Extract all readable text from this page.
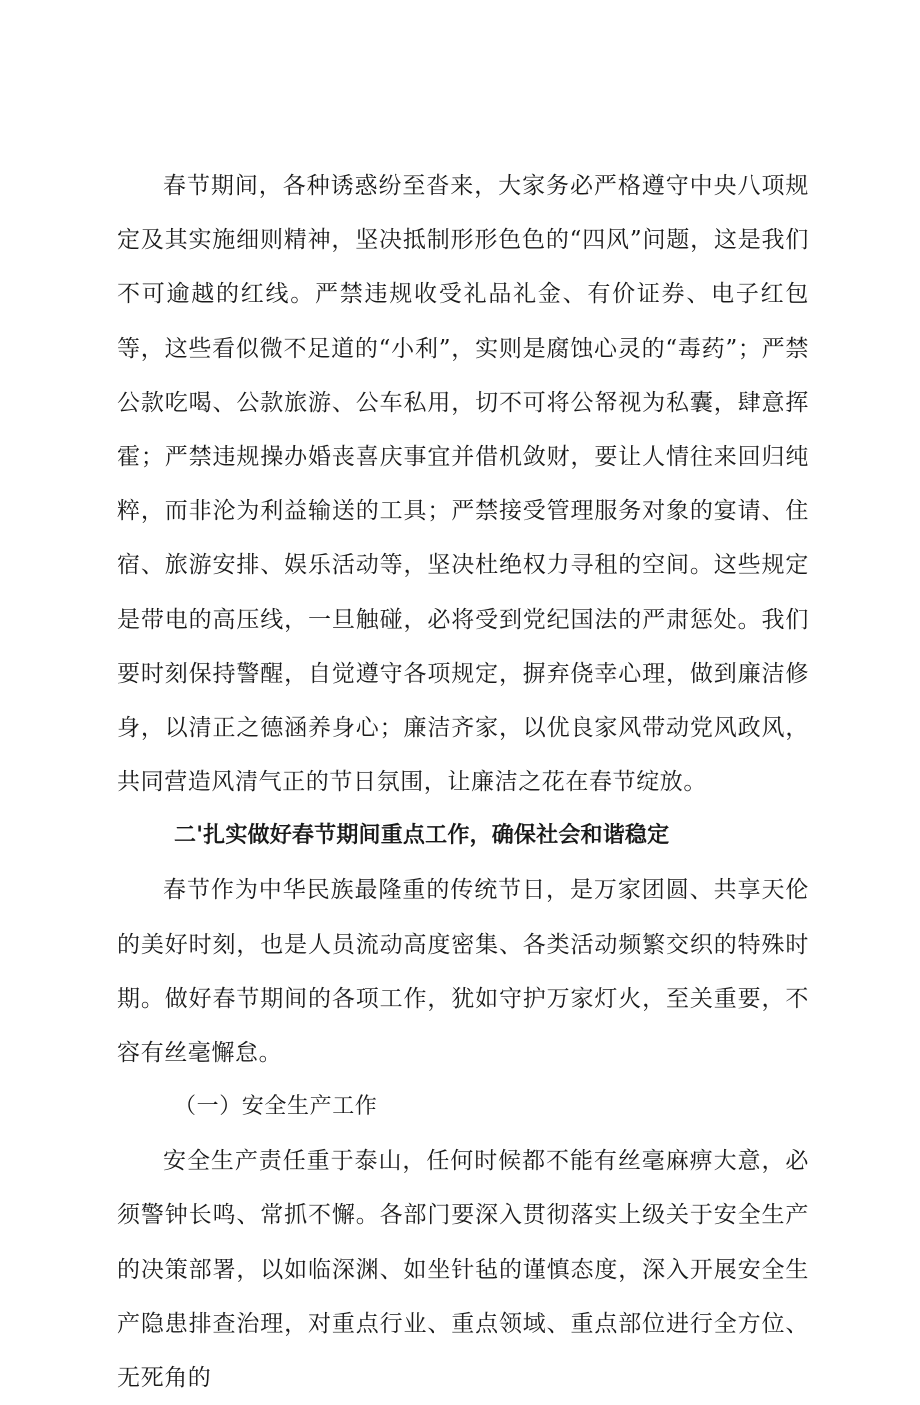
春节期间，各种诱惑纷至沓来，大家务必严格遵守中央八项规定及其实施细则精神，坚决抵制形形色色的“四风”问题，这是我们不可逾越的红线。严禁违规收受礼品礼金、有价证券、电子红包等，这些看似微不足道的“小利”，实则是腐蚀心灵的“毒药”；严禁公款吃喝、公款旅游、公车私用，切不可将公帑视为私囊，肆意挥霍；严禁违规操办婚丧喜庆事宜并借机敛财，要让人情往来回归纯粹，而非沦为利益输送的工具；严禁接受管理服务对象的宴请、住宿、旅游安排、娱乐活动等，坚决杜绝权力寻租的空间。这些规定是带电的高压线，一旦触碰，必将受到党纪国法的严肃惩处。我们要时刻保持警醒，自觉遵守各项规定，摒弃侥幸心理，做到廉洁修身，以清正之德涵养身心；廉洁齐家，以优良家风带动党风政风，共同营造风清气正的节日氛围，让廉洁之花在春节绽放。

二'扎实做好春节期间重点工作，确保社会和谐稳定

春节作为中华民族最隆重的传统节日，是万家团圆、共享天伦的美好时刻，也是人员流动高度密集、各类活动频繁交织的特殊时期。做好春节期间的各项工作，犹如守护万家灯火，至关重要，不容有丝毫懈怠。

（一）安全生产工作

安全生产责任重于泰山，任何时候都不能有丝毫麻痹大意，必须警钟长鸣、常抓不懈。各部门要深入贯彻落实上级关于安全生产的决策部署，以如临深渊、如坐针毡的谨慎态度，深入开展安全生产隐患排查治理，对重点行业、重点领域、重点部位进行全方位、无死角的
